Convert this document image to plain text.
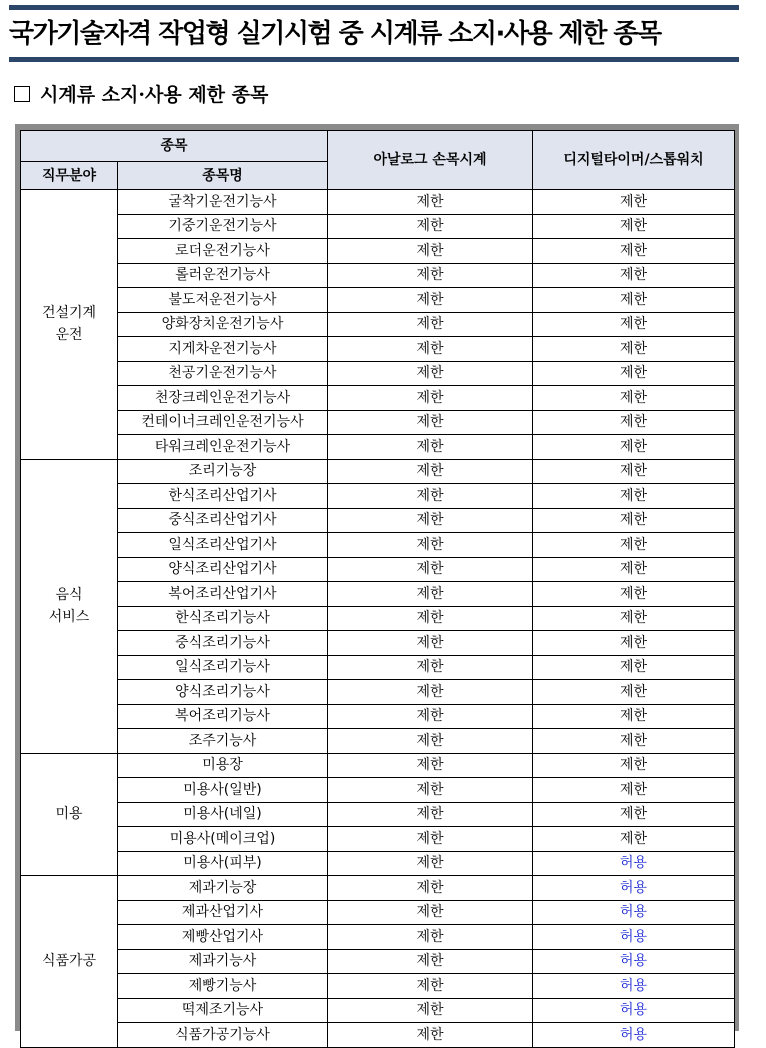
국가기술자격 작업형 실기시험 중 시계류 소지·사용 제한 종목
시계류 소지·사용 제한 종목
종목		아날로그 손목시계	디지털타이머/스톱워치
직무분야	종목명		

건설기계
운전	굴착기운전기능사	제한	제한
	기중기운전기능사	제한	제한
	로더운전기능사	제한	제한
	롤러운전기능사	제한	제한
	불도저운전기능사	제한	제한
	양화장치운전기능사	제한	제한
	지게차운전기능사	제한	제한
	천공기운전기능사	제한	제한
	천장크레인운전기능사	제한	제한
	컨테이너크레인운전기능사	제한	제한
	타워크레인운전기능사	제한	제한

음식
서비스	조리기능장	제한	제한
	한식조리산업기사	제한	제한
	중식조리산업기사	제한	제한
	일식조리산업기사	제한	제한
	양식조리산업기사	제한	제한
	복어조리산업기사	제한	제한
	한식조리기능사	제한	제한
	중식조리기능사	제한	제한
	일식조리기능사	제한	제한
	양식조리기능사	제한	제한
	복어조리기능사	제한	제한
	조주기능사	제한	제한

미용	미용장	제한	제한
	미용사(일반)	제한	제한
	미용사(네일)	제한	제한
	미용사(메이크업)	제한	제한
	미용사(피부)	제한	허용

식품가공	제과기능장	제한	허용
	제과산업기사	제한	허용
	제빵산업기사	제한	허용
	제과기능사	제한	허용
	제빵기능사	제한	허용
	떡제조기능사	제한	허용
	식품가공기능사	제한	허용
